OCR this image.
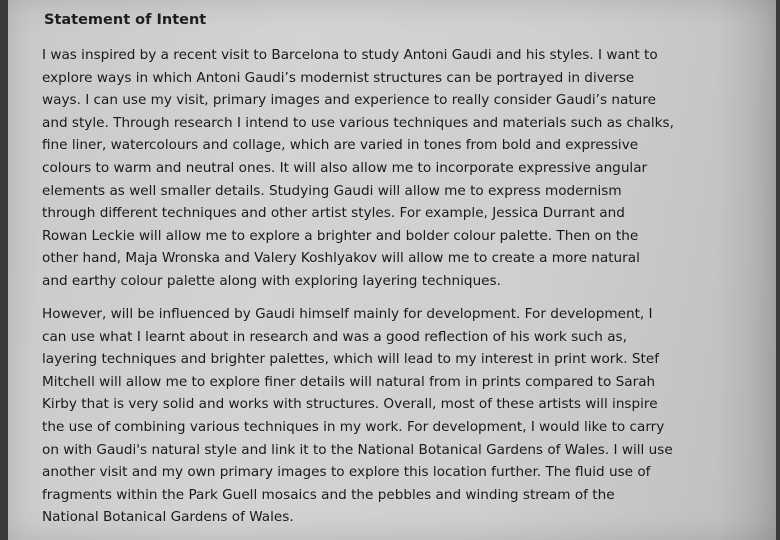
Statement of Intent

I was inspired by a recent visit to Barcelona to study Antoni Gaudi and his styles. I want to
explore ways in which Antoni Gaudi’s modernist structures can be portrayed in diverse
ways. I can use my visit, primary images and experience to really consider Gaudi’s nature
and style. Through research I intend to use various techniques and materials such as chalks,
fine liner, watercolours and collage, which are varied in tones from bold and expressive
colours to warm and neutral ones. It will also allow me to incorporate expressive angular
elements as well smaller details. Studying Gaudi will allow me to express modernism
through different techniques and other artist styles. For example, Jessica Durrant and
Rowan Leckie will allow me to explore a brighter and bolder colour palette. Then on the
other hand, Maja Wronska and Valery Koshlyakov will allow me to create a more natural
and earthy colour palette along with exploring layering techniques.

However, will be influenced by Gaudi himself mainly for development. For development, I
can use what I learnt about in research and was a good reflection of his work such as,
layering techniques and brighter palettes, which will lead to my interest in print work. Stef
Mitchell will allow me to explore finer details will natural from in prints compared to Sarah
Kirby that is very solid and works with structures. Overall, most of these artists will inspire
the use of combining various techniques in my work. For development, I would like to carry
on with Gaudi's natural style and link it to the National Botanical Gardens of Wales. I will use
another visit and my own primary images to explore this location further. The fluid use of
fragments within the Park Guell mosaics and the pebbles and winding stream of the
National Botanical Gardens of Wales.
